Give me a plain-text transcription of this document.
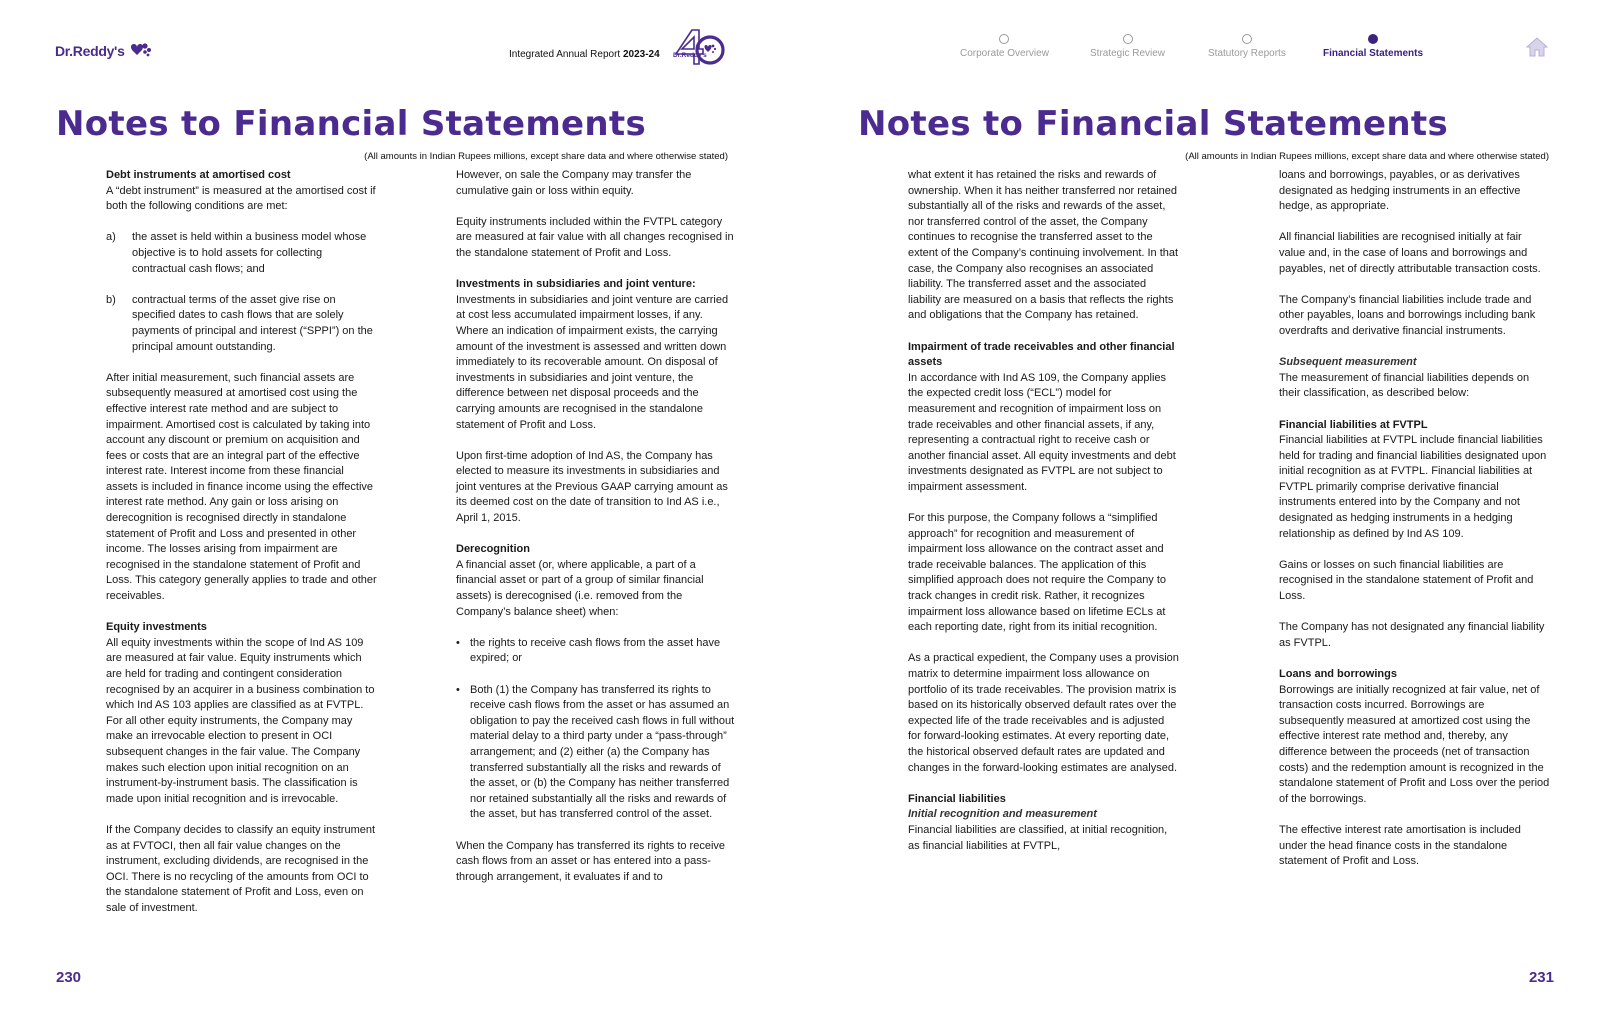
Dr.Reddy's	Integrated Annual Report 2023-24 Dr.Reddy's
Notes to Financial Statements
(All amounts in Indian Rupees millions, except share data and where otherwise stated)
Debt instruments at amortised cost

A “debt instrument” is measured at the amortised cost if both the following conditions are met:

a)	the asset is held within a business model whose objective is to hold assets for collecting contractual cash flows; and
b)	contractual terms of the asset give rise on specified dates to cash flows that are solely payments of principal and interest (“SPPI”) on the principal amount outstanding.

After initial measurement, such financial assets are subsequently measured at amortised cost using the effective interest rate method and are subject to impairment. Amortised cost is calculated by taking into account any discount or premium on acquisition and fees or costs that are an integral part of the effective interest rate. Interest income from these financial assets is included in finance income using the effective interest rate method. Any gain or loss arising on derecognition is recognised directly in standalone statement of Profit and Loss and presented in other income. The losses arising from impairment are recognised in the standalone statement of Profit and Loss. This category generally applies to trade and other receivables.

Equity investments

All equity investments within the scope of Ind AS 109 are measured at fair value. Equity instruments which are held for trading and contingent consideration recognised by an acquirer in a business combination to which Ind AS 103 applies are classified as at FVTPL. For all other equity instruments, the Company may make an irrevocable election to present in OCI subsequent changes in the fair value. The Company makes such election upon initial recognition on an instrument-by-instrument basis. The classification is made upon initial recognition and is irrevocable.

If the Company decides to classify an equity instrument as at FVTOCI, then all fair value changes on the instrument, excluding dividends, are recognised in the OCI. There is no recycling of the amounts from OCI to the standalone statement of Profit and Loss, even on sale of investment.

However, on sale the Company may transfer the cumulative gain or loss within equity.

Equity instruments included within the FVTPL category are measured at fair value with all changes recognised in the standalone statement of Profit and Loss.

Investments in subsidiaries and joint venture:

Investments in subsidiaries and joint venture are carried at cost less accumulated impairment losses, if any. Where an indication of impairment exists, the carrying amount of the investment is assessed and written down immediately to its recoverable amount. On disposal of investments in subsidiaries and joint venture, the difference between net disposal proceeds and the carrying amounts are recognised in the standalone statement of Profit and Loss.

Upon first-time adoption of Ind AS, the Company has elected to measure its investments in subsidiaries and joint ventures at the Previous GAAP carrying amount as its deemed cost on the date of transition to Ind AS i.e., April 1, 2015.

Derecognition

A financial asset (or, where applicable, a part of a financial asset or part of a group of similar financial assets) is derecognised (i.e. removed from the Company’s balance sheet) when:

• the rights to receive cash flows from the asset have expired; or
• Both (1) the Company has transferred its rights to receive cash flows from the asset or has assumed an obligation to pay the received cash flows in full without material delay to a third party under a “pass-through” arrangement; and (2) either (a) the Company has transferred substantially all the risks and rewards of the asset, or (b) the Company has neither transferred nor retained substantially all the risks and rewards of the asset, but has transferred control of the asset.

When the Company has transferred its rights to receive cash flows from an asset or has entered into a pass-through arrangement, it evaluates if and to

230
Corporate Overview	Strategic Review	Statutory Reports	Financial Statements
Notes to Financial Statements
(All amounts in Indian Rupees millions, except share data and where otherwise stated)

what extent it has retained the risks and rewards of ownership. When it has neither transferred nor retained substantially all of the risks and rewards of the asset, nor transferred control of the asset, the Company continues to recognise the transferred asset to the extent of the Company’s continuing involvement. In that case, the Company also recognises an associated liability. The transferred asset and the associated liability are measured on a basis that reflects the rights and obligations that the Company has retained.

Impairment of trade receivables and other financial assets

In accordance with Ind AS 109, the Company applies the expected credit loss (“ECL”) model for measurement and recognition of impairment loss on trade receivables and other financial assets, if any, representing a contractual right to receive cash or another financial asset. All equity investments and debt investments designated as FVTPL are not subject to impairment assessment.

For this purpose, the Company follows a “simplified approach” for recognition and measurement of impairment loss allowance on the contract asset and trade receivable balances. The application of this simplified approach does not require the Company to track changes in credit risk. Rather, it recognizes impairment loss allowance based on lifetime ECLs at each reporting date, right from its initial recognition.

As a practical expedient, the Company uses a provision matrix to determine impairment loss allowance on portfolio of its trade receivables. The provision matrix is based on its historically observed default rates over the expected life of the trade receivables and is adjusted for forward-looking estimates. At every reporting date, the historical observed default rates are updated and changes in the forward-looking estimates are analysed.

Financial liabilities
Initial recognition and measurement

Financial liabilities are classified, at initial recognition, as financial liabilities at FVTPL,

loans and borrowings, payables, or as derivatives designated as hedging instruments in an effective hedge, as appropriate.

All financial liabilities are recognised initially at fair value and, in the case of loans and borrowings and payables, net of directly attributable transaction costs.

The Company’s financial liabilities include trade and other payables, loans and borrowings including bank overdrafts and derivative financial instruments.

Subsequent measurement

The measurement of financial liabilities depends on their classification, as described below:

Financial liabilities at FVTPL

Financial liabilities at FVTPL include financial liabilities held for trading and financial liabilities designated upon initial recognition as at FVTPL. Financial liabilities at FVTPL primarily comprise derivative financial instruments entered into by the Company and not designated as hedging instruments in a hedging relationship as defined by Ind AS 109.

Gains or losses on such financial liabilities are recognised in the standalone statement of Profit and Loss.

The Company has not designated any financial liability as FVTPL.

Loans and borrowings

Borrowings are initially recognized at fair value, net of transaction costs incurred. Borrowings are subsequently measured at amortized cost using the effective interest rate method and, thereby, any difference between the proceeds (net of transaction costs) and the redemption amount is recognized in the standalone statement of Profit and Loss over the period of the borrowings.

The effective interest rate amortisation is included under the head finance costs in the standalone statement of Profit and Loss.

231
